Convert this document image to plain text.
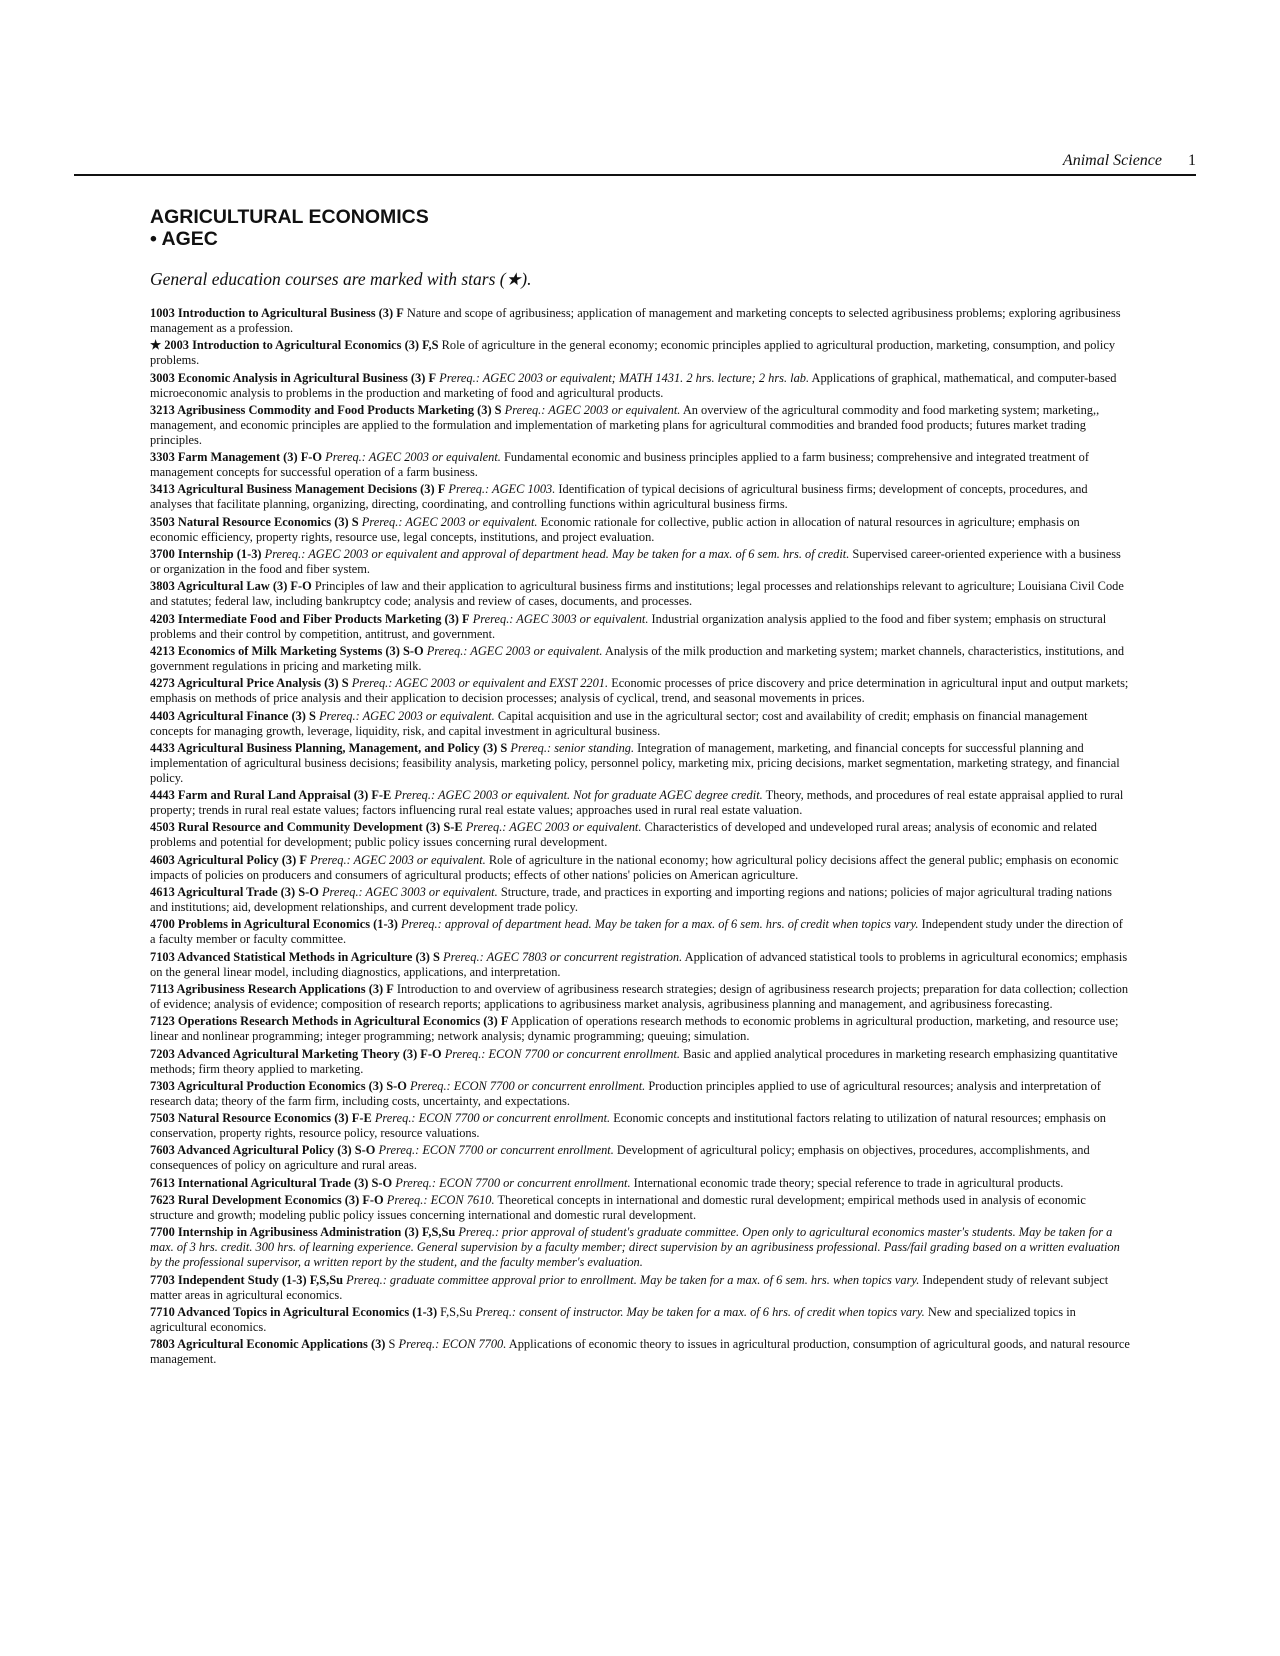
Animal Science 1
AGRICULTURAL ECONOMICS
• AGEC
General education courses are marked with stars (★).
1003 Introduction to Agricultural Business (3) F Nature and scope of agribusiness; application of management and marketing concepts to selected agribusiness problems; exploring agribusiness management as a profession.
★ 2003 Introduction to Agricultural Economics (3) F,S Role of agriculture in the general economy; economic principles applied to agricultural production, marketing, consumption, and policy problems.
3003 Economic Analysis in Agricultural Business (3) F Prereq.: AGEC 2003 or equivalent; MATH 1431. 2 hrs. lecture; 2 hrs. lab. Applications of graphical, mathematical, and computer-based microeconomic analysis to problems in the production and marketing of food and agricultural products.
3213 Agribusiness Commodity and Food Products Marketing (3) S Prereq.: AGEC 2003 or equivalent. An overview of the agricultural commodity and food marketing system; marketing,, management, and economic principles are applied to the formulation and implementation of marketing plans for agricultural commodities and branded food products; futures market trading principles.
3303 Farm Management (3) F-O Prereq.: AGEC 2003 or equivalent. Fundamental economic and business principles applied to a farm business; comprehensive and integrated treatment of management concepts for successful operation of a farm business.
3413 Agricultural Business Management Decisions (3) F Prereq.: AGEC 1003. Identification of typical decisions of agricultural business firms; development of concepts, procedures, and analyses that facilitate planning, organizing, directing, coordinating, and controlling functions within agricultural business firms.
3503 Natural Resource Economics (3) S Prereq.: AGEC 2003 or equivalent. Economic rationale for collective, public action in allocation of natural resources in agriculture; emphasis on economic efficiency, property rights, resource use, legal concepts, institutions, and project evaluation.
3700 Internship (1-3) Prereq.: AGEC 2003 or equivalent and approval of department head. May be taken for a max. of 6 sem. hrs. of credit. Supervised career-oriented experience with a business or organization in the food and fiber system.
3803 Agricultural Law (3) F-O Principles of law and their application to agricultural business firms and institutions; legal processes and relationships relevant to agriculture; Louisiana Civil Code and statutes; federal law, including bankruptcy code; analysis and review of cases, documents, and processes.
4203 Intermediate Food and Fiber Products Marketing (3) F Prereq.: AGEC 3003 or equivalent. Industrial organization analysis applied to the food and fiber system; emphasis on structural problems and their control by competition, antitrust, and government.
4213 Economics of Milk Marketing Systems (3) S-O Prereq.: AGEC 2003 or equivalent. Analysis of the milk production and marketing system; market channels, characteristics, institutions, and government regulations in pricing and marketing milk.
4273 Agricultural Price Analysis (3) S Prereq.: AGEC 2003 or equivalent and EXST 2201. Economic processes of price discovery and price determination in agricultural input and output markets; emphasis on methods of price analysis and their application to decision processes; analysis of cyclical, trend, and seasonal movements in prices.
4403 Agricultural Finance (3) S Prereq.: AGEC 2003 or equivalent. Capital acquisition and use in the agricultural sector; cost and availability of credit; emphasis on financial management concepts for managing growth, leverage, liquidity, risk, and capital investment in agricultural business.
4433 Agricultural Business Planning, Management, and Policy (3) S Prereq.: senior standing. Integration of management, marketing, and financial concepts for successful planning and implementation of agricultural business decisions; feasibility analysis, marketing policy, personnel policy, marketing mix, pricing decisions, market segmentation, marketing strategy, and financial policy.
4443 Farm and Rural Land Appraisal (3) F-E Prereq.: AGEC 2003 or equivalent. Not for graduate AGEC degree credit. Theory, methods, and procedures of real estate appraisal applied to rural property; trends in rural real estate values; factors influencing rural real estate values; approaches used in rural real estate valuation.
4503 Rural Resource and Community Development (3) S-E Prereq.: AGEC 2003 or equivalent. Characteristics of developed and undeveloped rural areas; analysis of economic and related problems and potential for development; public policy issues concerning rural development.
4603 Agricultural Policy (3) F Prereq.: AGEC 2003 or equivalent. Role of agriculture in the national economy; how agricultural policy decisions affect the general public; emphasis on economic impacts of policies on producers and consumers of agricultural products; effects of other nations' policies on American agriculture.
4613 Agricultural Trade (3) S-O Prereq.: AGEC 3003 or equivalent. Structure, trade, and practices in exporting and importing regions and nations; policies of major agricultural trading nations and institutions; aid, development relationships, and current development trade policy.
4700 Problems in Agricultural Economics (1-3) Prereq.: approval of department head. May be taken for a max. of 6 sem. hrs. of credit when topics vary. Independent study under the direction of a faculty member or faculty committee.
7103 Advanced Statistical Methods in Agriculture (3) S Prereq.: AGEC 7803 or concurrent registration. Application of advanced statistical tools to problems in agricultural economics; emphasis on the general linear model, including diagnostics, applications, and interpretation.
7113 Agribusiness Research Applications (3) F Introduction to and overview of agribusiness research strategies; design of agribusiness research projects; preparation for data collection; collection of evidence; analysis of evidence; composition of research reports; applications to agribusiness market analysis, agribusiness planning and management, and agribusiness forecasting.
7123 Operations Research Methods in Agricultural Economics (3) F Application of operations research methods to economic problems in agricultural production, marketing, and resource use; linear and nonlinear programming; integer programming; network analysis; dynamic programming; queuing; simulation.
7203 Advanced Agricultural Marketing Theory (3) F-O Prereq.: ECON 7700 or concurrent enrollment. Basic and applied analytical procedures in marketing research emphasizing quantitative methods; firm theory applied to marketing.
7303 Agricultural Production Economics (3) S-O Prereq.: ECON 7700 or concurrent enrollment. Production principles applied to use of agricultural resources; analysis and interpretation of research data; theory of the farm firm, including costs, uncertainty, and expectations.
7503 Natural Resource Economics (3) F-E Prereq.: ECON 7700 or concurrent enrollment. Economic concepts and institutional factors relating to utilization of natural resources; emphasis on conservation, property rights, resource policy, resource valuations.
7603 Advanced Agricultural Policy (3) S-O Prereq.: ECON 7700 or concurrent enrollment. Development of agricultural policy; emphasis on objectives, procedures, accomplishments, and consequences of policy on agriculture and rural areas.
7613 International Agricultural Trade (3) S-O Prereq.: ECON 7700 or concurrent enrollment. International economic trade theory; special reference to trade in agricultural products.
7623 Rural Development Economics (3) F-O Prereq.: ECON 7610. Theoretical concepts in international and domestic rural development; empirical methods used in analysis of economic structure and growth; modeling public policy issues concerning international and domestic rural development.
7700 Internship in Agribusiness Administration (3) F,S,Su Prereq.: prior approval of student's graduate committee. Open only to agricultural economics master's students. May be taken for a max. of 3 hrs. credit. 300 hrs. of learning experience. General supervision by a faculty member; direct supervision by an agribusiness professional. Pass/fail grading based on a written evaluation by the professional supervisor, a written report by the student, and the faculty member's evaluation.
7703 Independent Study (1-3) F,S,Su Prereq.: graduate committee approval prior to enrollment. May be taken for a max. of 6 sem. hrs. when topics vary. Independent study of relevant subject matter areas in agricultural economics.
7710 Advanced Topics in Agricultural Economics (1-3) F,S,Su Prereq.: consent of instructor. May be taken for a max. of 6 hrs. of credit when topics vary. New and specialized topics in agricultural economics.
7803 Agricultural Economic Applications (3) S Prereq.: ECON 7700. Applications of economic theory to issues in agricultural production, consumption of agricultural goods, and natural resource management.
